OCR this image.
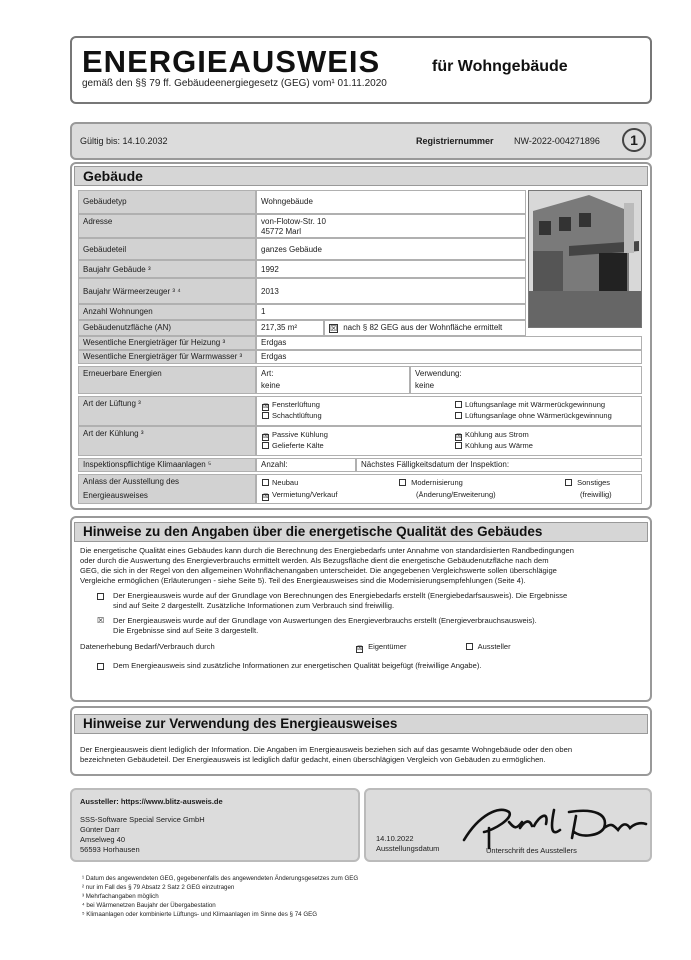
ENERGIEAUSWEIS	für Wohngebäude
gemäß den §§ 79 ff. Gebäudeenergiegesetz (GEG) vom¹ 01.11.2020
Gültig bis: 14.10.2032	Registriernummer NW-2022-004271896	1
Gebäude
Gebäudetyp	Wohngebäude
Adresse	von-Flotow-Str. 10
45772 Marl
Gebäudeteil	ganzes Gebäude
Baujahr Gebäude ³	1992
Baujahr Wärmeerzeuger ³ ⁴	2013
Anzahl Wohnungen	1
Gebäudenutzfläche (AN)	217,35 m²	☒ nach § 82 GEG aus der Wohnfläche ermittelt
Wesentliche Energieträger für Heizung ³	Erdgas
Wesentliche Energieträger für Warmwasser ³	Erdgas
Erneuerbare Energien	Art:
keine
Verwendung:
keine
Art der Lüftung ³	☒ Fensterlüftung
Schachtlüftung
Lüftungsanlage mit Wärmerückgewinnung
Lüftungsanlage ohne Wärmerückgewinnung
Art der Kühlung ³	☒ Passive Kühlung
Gelieferte Kälte
☒ Kühlung aus Strom
Kühlung aus Wärme
Inspektionspflichtige Klimaanlagen ⁵	Anzahl:	Nächstes Fälligkeitsdatum der Inspektion:
Anlass der Ausstellung des
Energieausweises
Neubau
☒ Vermietung/Verkauf
Modernisierung
(Änderung/Erweiterung)
Sonstiges
(freiwillig)
Hinweise zu den Angaben über die energetische Qualität des Gebäudes
Die energetische Qualität eines Gebäudes kann durch die Berechnung des Energiebedarfs unter Annahme von standardisierten Randbedingungen
oder durch die Auswertung des Energieverbrauchs ermittelt werden. Als Bezugsfläche dient die energetische Gebäudenutzfläche nach dem
GEG, die sich in der Regel von den allgemeinen Wohnflächenangaben unterscheidet. Die angegebenen Vergleichswerte sollen überschlägige
Vergleiche ermöglichen (Erläuterungen - siehe Seite 5). Teil des Energieausweises sind die Modernisierungsempfehlungen (Seite 4).
Der Energieausweis wurde auf der Grundlage von Berechnungen des Energiebedarfs erstellt (Energiebedarfsausweis). Die Ergebnisse
sind auf Seite 2 dargestellt. Zusätzliche Informationen zum Verbrauch sind freiwillig.
☒ Der Energieausweis wurde auf der Grundlage von Auswertungen des Energieverbrauchs erstellt (Energieverbrauchsausweis).
Die Ergebnisse sind auf Seite 3 dargestellt.
Datenerhebung Bedarf/Verbrauch durch	☒ Eigentümer	Aussteller
Dem Energieausweis sind zusätzliche Informationen zur energetischen Qualität beigefügt (freiwillige Angabe).
Hinweise zur Verwendung des Energieausweises
Der Energieausweis dient lediglich der Information. Die Angaben im Energieausweis beziehen sich auf das gesamte Wohngebäude oder den oben
bezeichneten Gebäudeteil. Der Energieausweis ist lediglich dafür gedacht, einen überschlägigen Vergleich von Gebäuden zu ermöglichen.
Aussteller: https://www.blitz-ausweis.de
SSS-Software Special Service GmbH
Günter Darr
Amselweg 40
56593 Horhausen
14.10.2022
Ausstellungsdatum	Unterschrift des Ausstellers
¹ Datum des angewendeten GEG, gegebenenfalls des angewendeten Änderungsgesetzes zum GEG
² nur im Fall des § 79 Absatz 2 Satz 2 GEG einzutragen
³ Mehrfachangaben möglich
⁴ bei Wärmenetzen Baujahr der Übergabestation
⁵ Klimaanlagen oder kombinierte Lüftungs- und Klimaanlagen im Sinne des § 74 GEG
